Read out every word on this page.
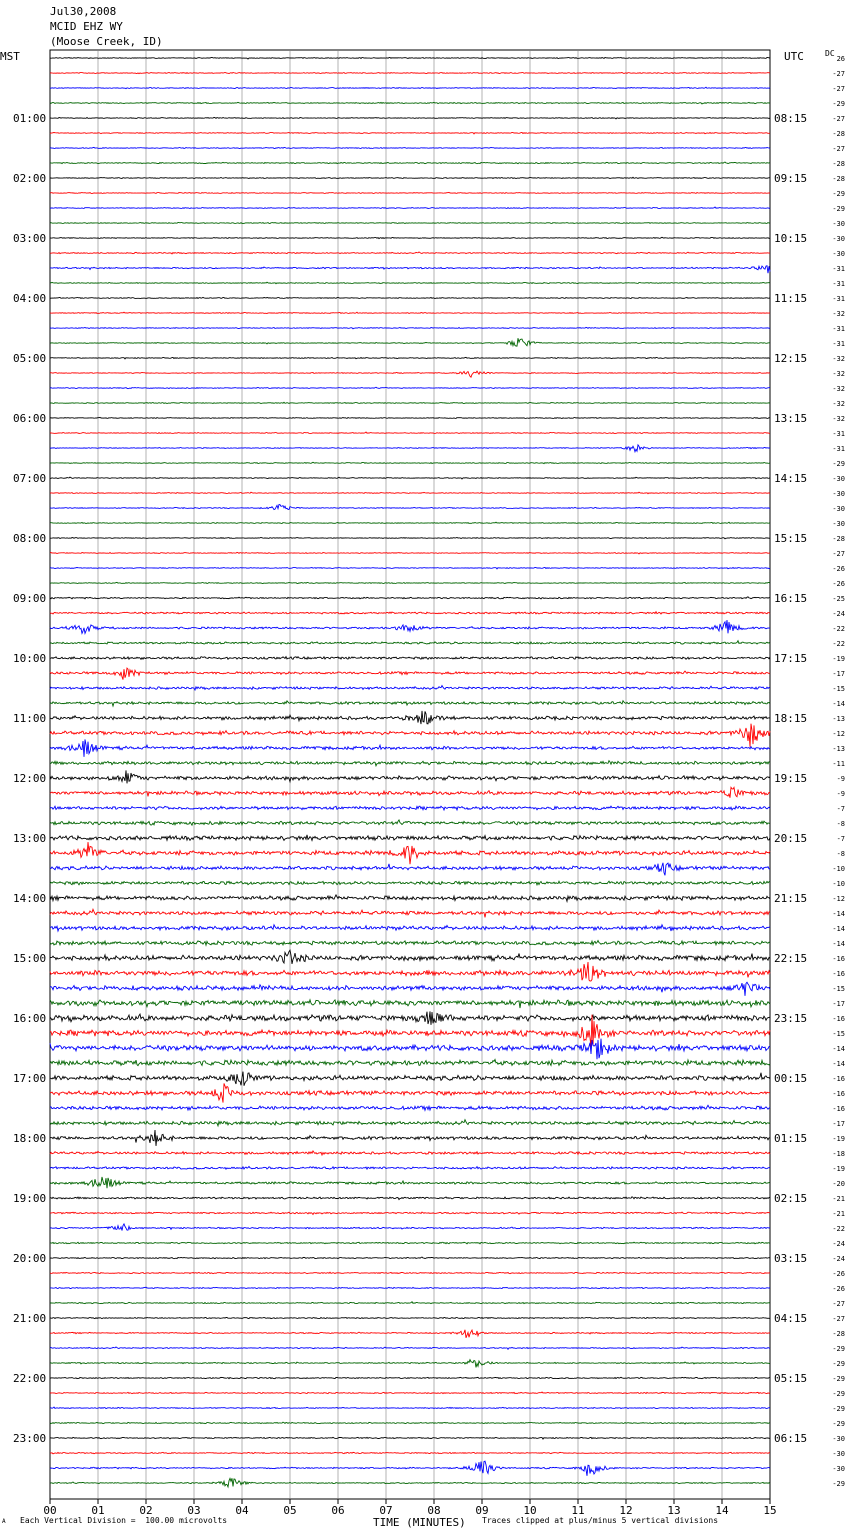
Jul30,2008
MCID EHZ WY
(Moose Creek, ID)
MST	UTC	DC
26
-27
-27
-29
-27
-28
-27
-28
-28
-29
-29
-30
-30
-30
-31
-31
-31
-32
-31
-31
-32
-32
-32
-32
-32
-31
-31
-29
-30
-30
-30
-30
-28
-27
-26
-26
-25
-24
-22
-22
-19
-17
-15
-14
-13
-12
-13
-11
-9
-9
-7
-8
-7
-8
-10
-10
-12
-14
-14
-14
-16
-16
-15
-17
-16
-15
-14
-14
-16
-16
-16
-17
-19
-18
-19
-20
-21
-21
-22
-24
-24
-26
-26
-27
-27
-28
-29
-29
-29
-29
-29
-29
-30
-30
-30
-29
01:00	08:15
02:00	09:15
03:00	10:15
04:00	11:15
05:00	12:15
06:00	13:15
07:00	14:15
08:00	15:15
09:00	16:15
10:00	17:15
11:00	18:15
12:00	19:15
13:00	20:15
14:00	21:15
15:00	22:15
16:00	23:15
17:00	00:15
18:00	01:15
19:00	02:15
20:00	03:15
21:00	04:15
22:00	05:15
23:00	06:15
00	01	02	03	04	05	06	07	08	09	10	11	12	13	14	15
A Each Vertical Division =  100.00 microvolts	TIME (MINUTES) Traces clipped at plus/minus 5 vertical divisions
